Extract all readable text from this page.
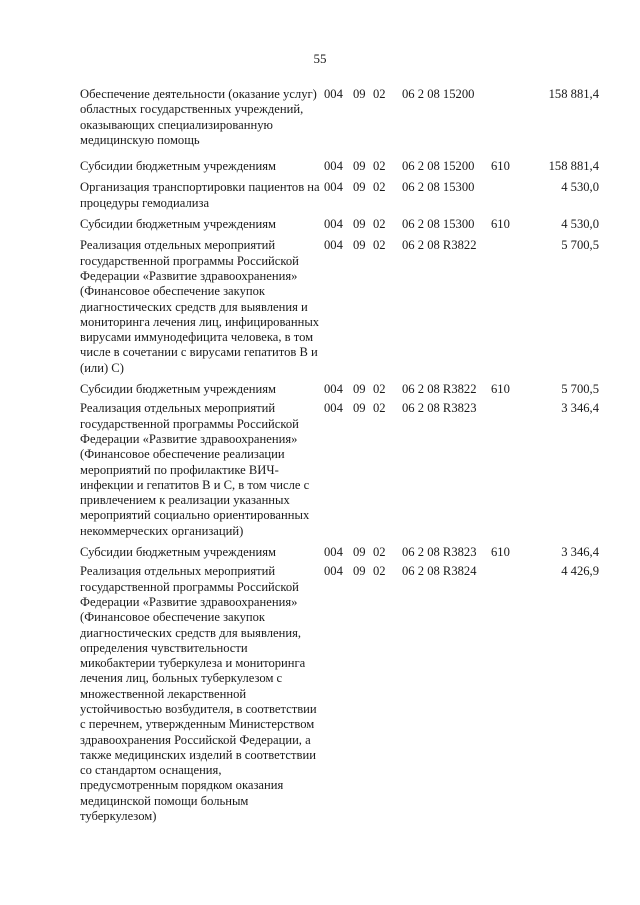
55
Обеспечение деятельности (оказание услуг) областных государственных учреждений, оказывающих специализированную медицинскую помощь
004 09 02 06 2 08 15200	158 881,4
Субсидии бюджетным учреждениям	004 09 02 06 2 08 15200 610	158 881,4
Организация транспортировки пациентов на процедуры гемодиализа
004 09 02 06 2 08 15300	4 530,0
Субсидии бюджетным учреждениям	004 09 02 06 2 08 15300 610	4 530,0
Реализация отдельных мероприятий государственной программы Российской Федерации «Развитие здравоохранения» (Финансовое обеспечение закупок диагностических средств для выявления и мониторинга лечения лиц, инфицированных вирусами иммунодефицита человека, в том числе в сочетании с вирусами гепатитов В и (или) С)
004 09 02 06 2 08 R3822	5 700,5
Субсидии бюджетным учреждениям	004 09 02 06 2 08 R3822 610	5 700,5
Реализация отдельных мероприятий государственной программы Российской Федерации «Развитие здравоохранения» (Финансовое обеспечение реализации мероприятий по профилактике ВИЧ-инфекции и гепатитов В и С, в том числе с привлечением к реализации указанных мероприятий социально ориентированных некоммерческих организаций)
004 09 02 06 2 08 R3823	3 346,4
Субсидии бюджетным учреждениям	004 09 02 06 2 08 R3823 610	3 346,4
Реализация отдельных мероприятий государственной программы Российской Федерации «Развитие здравоохранения» (Финансовое обеспечение закупок диагностических средств для выявления, определения чувствительности микобактерии туберкулеза и мониторинга лечения лиц, больных туберкулезом с множественной лекарственной устойчивостью возбудителя, в соответствии с перечнем, утвержденным Министерством здравоохранения Российской Федерации, а также медицинских изделий в соответствии со стандартом оснащения, предусмотренным порядком оказания медицинской помощи больным туберкулезом)
004 09 02 06 2 08 R3824	4 426,9
